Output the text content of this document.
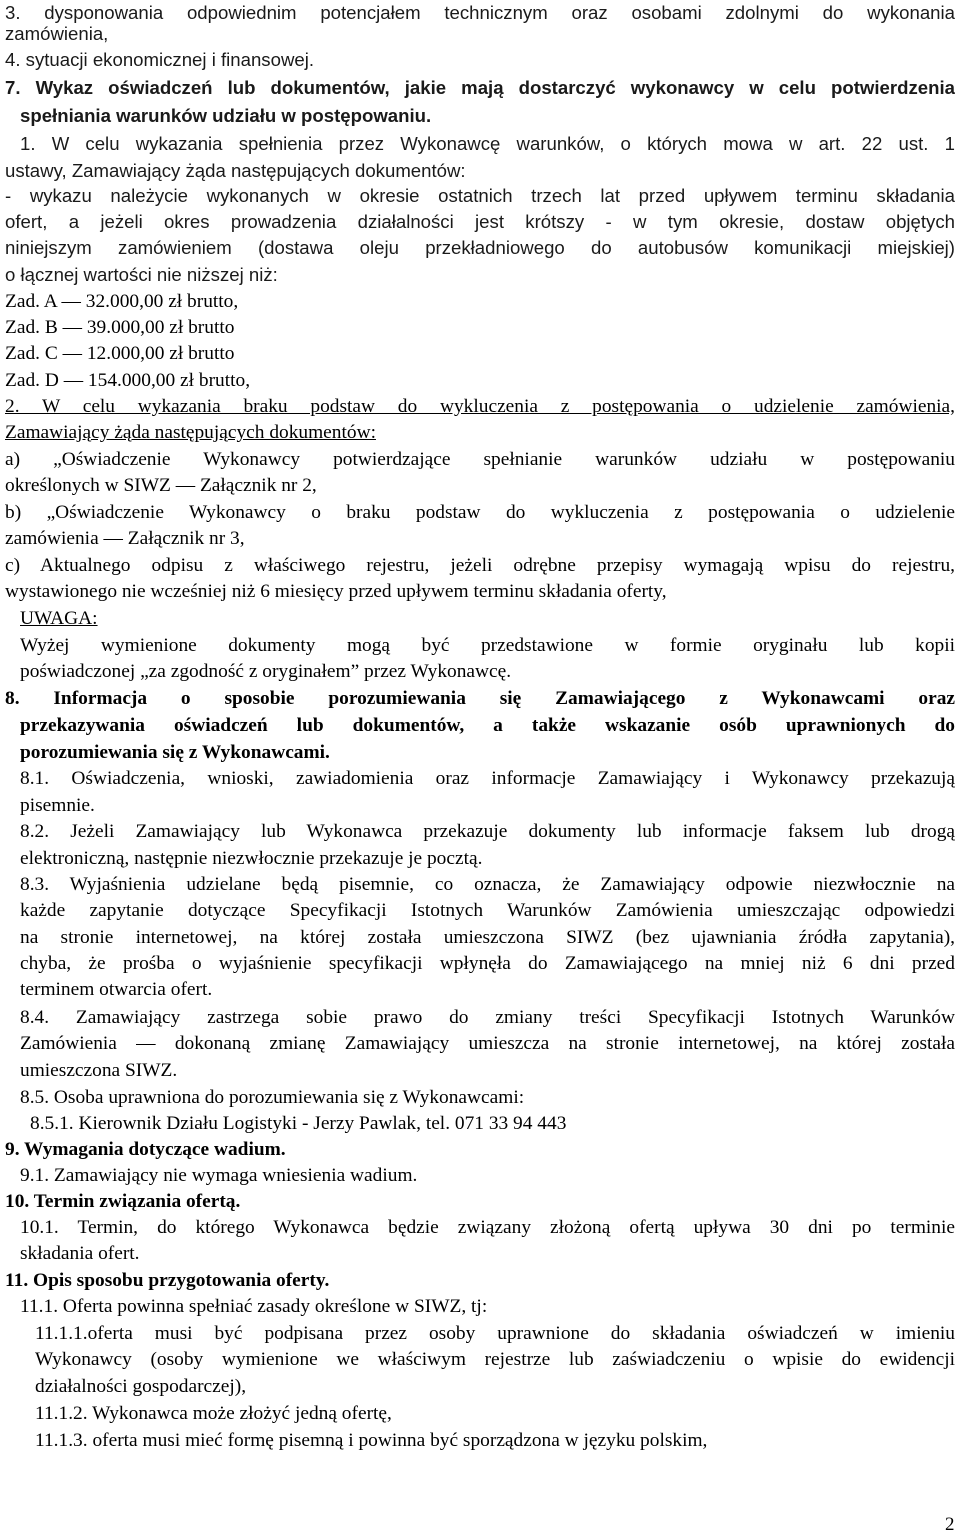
3. dysponowania odpowiednim potencjałem technicznym oraz osobami zdolnymi do wykonania
zamówienia,
4. sytuacji ekonomicznej i finansowej.
7. Wykaz oświadczeń lub dokumentów, jakie mają dostarczyć wykonawcy w celu potwierdzenia
spełniania warunków udziału w postępowaniu.
1. W celu wykazania spełnienia przez Wykonawcę warunków, o których mowa w art. 22 ust. 1
ustawy, Zamawiający żąda następujących dokumentów:
- wykazu należycie wykonanych w okresie ostatnich trzech lat przed upływem terminu składania
ofert, a jeżeli okres prowadzenia działalności jest krótszy - w tym okresie, dostaw objętych
niniejszym zamówieniem (dostawa oleju przekładniowego do autobusów komunikacji miejskiej)
o łącznej wartości nie niższej niż:
Zad. A — 32.000,00 zł brutto,
Zad. B — 39.000,00 zł brutto
Zad. C — 12.000,00 zł brutto
Zad. D — 154.000,00 zł brutto,
2. W celu wykazania braku podstaw do wykluczenia z postępowania o udzielenie zamówienia,
Zamawiający żąda następujących dokumentów:
a) „Oświadczenie Wykonawcy potwierdzające spełnianie warunków udziału w postępowaniu
określonych w SIWZ — Załącznik nr 2,
b) „Oświadczenie Wykonawcy o braku podstaw do wykluczenia z postępowania o udzielenie
zamówienia — Załącznik nr 3,
c) Aktualnego odpisu z właściwego rejestru, jeżeli odrębne przepisy wymagają wpisu do rejestru,
wystawionego nie wcześniej niż 6 miesięcy przed upływem terminu składania oferty,
UWAGA:
Wyżej wymienione dokumenty mogą być przedstawione w formie oryginału lub kopii
poświadczonej „za zgodność z oryginałem” przez Wykonawcę.
8. Informacja o sposobie porozumiewania się Zamawiającego z Wykonawcami oraz
przekazywania oświadczeń lub dokumentów, a także wskazanie osób uprawnionych do
porozumiewania się z Wykonawcami.
8.1. Oświadczenia, wnioski, zawiadomienia oraz informacje Zamawiający i Wykonawcy przekazują
pisemnie.
8.2. Jeżeli Zamawiający lub Wykonawca przekazuje dokumenty lub informacje faksem lub drogą
elektroniczną, następnie niezwłocznie przekazuje je pocztą.
8.3. Wyjaśnienia udzielane będą pisemnie, co oznacza, że Zamawiający odpowie niezwłocznie na
każde zapytanie dotyczące Specyfikacji Istotnych Warunków Zamówienia umieszczając odpowiedzi
na stronie internetowej, na której została umieszczona SIWZ (bez ujawniania źródła zapytania),
chyba, że prośba o wyjaśnienie specyfikacji wpłynęła do Zamawiającego na mniej niż 6 dni przed
terminem otwarcia ofert.
8.4. Zamawiający zastrzega sobie prawo do zmiany treści Specyfikacji Istotnych Warunków
Zamówienia — dokonaną zmianę Zamawiający umieszcza na stronie internetowej, na której została
umieszczona SIWZ.
8.5. Osoba uprawniona do porozumiewania się z Wykonawcami:
8.5.1. Kierownik Działu Logistyki - Jerzy Pawlak, tel. 071 33 94 443
9. Wymagania dotyczące wadium.
9.1. Zamawiający nie wymaga wniesienia wadium.
10. Termin związania ofertą.
10.1. Termin, do którego Wykonawca będzie związany złożoną ofertą upływa 30 dni po terminie
składania ofert.
11. Opis sposobu przygotowania oferty.
11.1. Oferta powinna spełniać zasady określone w SIWZ, tj:
11.1.1.oferta musi być podpisana przez osoby uprawnione do składania oświadczeń w imieniu
Wykonawcy (osoby wymienione we właściwym rejestrze lub zaświadczeniu o wpisie do ewidencji
działalności gospodarczej),
11.1.2. Wykonawca może złożyć jedną ofertę,
11.1.3. oferta musi mieć formę pisemną i powinna być sporządzona w języku polskim,
2
